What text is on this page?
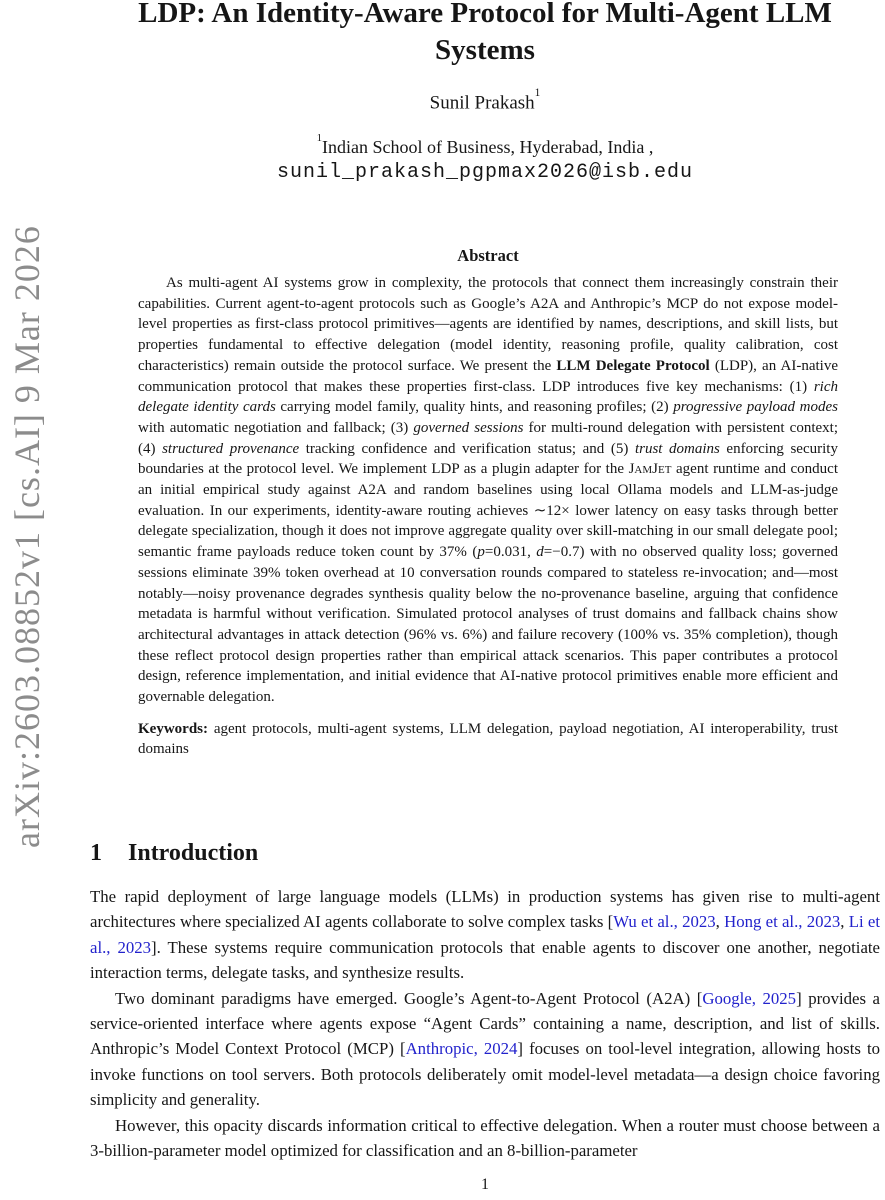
arXiv:2603.08852v1 [cs.AI] 9 Mar 2026
LDP: An Identity-Aware Protocol for Multi-Agent LLM Systems
Sunil Prakash$^1$
$^1$Indian School of Business, Hyderabad, India ,
sunil_prakash_pgpmax2026@isb.edu
Abstract

As multi-agent AI systems grow in complexity, the protocols that connect them increasingly constrain their capabilities. Current agent-to-agent protocols such as Google’s A2A and Anthropic’s MCP do not expose model-level properties as first-class protocol primitives—agents are identified by names, descriptions, and skill lists, but properties fundamental to effective delegation (model identity, reasoning profile, quality calibration, cost characteristics) remain outside the protocol surface. We present the LLM Delegate Protocol (LDP), an AI-native communication protocol that makes these properties first-class. LDP introduces five key mechanisms: (1) rich delegate identity cards carrying model family, quality hints, and reasoning profiles; (2) progressive payload modes with automatic negotiation and fallback; (3) governed sessions for multi-round delegation with persistent context; (4) structured provenance tracking confidence and verification status; and (5) trust domains enforcing security boundaries at the protocol level. We implement LDP as a plugin adapter for the JamJet agent runtime and conduct an initial empirical study against A2A and random baselines using local Ollama models and LLM-as-judge evaluation. In our experiments, identity-aware routing achieves ∼12× lower latency on easy tasks through better delegate specialization, though it does not improve aggregate quality over skill-matching in our small delegate pool; semantic frame payloads reduce token count by 37% (p=0.031, d=−0.7) with no observed quality loss; governed sessions eliminate 39% token overhead at 10 conversation rounds compared to stateless re-invocation; and—most notably—noisy provenance degrades synthesis quality below the no-provenance baseline, arguing that confidence metadata is harmful without verification. Simulated protocol analyses of trust domains and fallback chains show architectural advantages in attack detection (96% vs. 6%) and failure recovery (100% vs. 35% completion), though these reflect protocol design properties rather than empirical attack scenarios. This paper contributes a protocol design, reference implementation, and initial evidence that AI-native protocol primitives enable more efficient and governable delegation.

Keywords: agent protocols, multi-agent systems, LLM delegation, payload negotiation, AI interoperability, trust domains

1 Introduction

The rapid deployment of large language models (LLMs) in production systems has given rise to multi-agent architectures where specialized AI agents collaborate to solve complex tasks [Wu et al., 2023, Hong et al., 2023, Li et al., 2023]. These systems require communication protocols that enable agents to discover one another, negotiate interaction terms, delegate tasks, and synthesize results.

Two dominant paradigms have emerged. Google’s Agent-to-Agent Protocol (A2A) [Google, 2025] provides a service-oriented interface where agents expose “Agent Cards” containing a name, description, and list of skills. Anthropic’s Model Context Protocol (MCP) [Anthropic, 2024] focuses on tool-level integration, allowing hosts to invoke functions on tool servers. Both protocols deliberately omit model-level metadata—a design choice favoring simplicity and generality.

However, this opacity discards information critical to effective delegation. When a router must choose between a 3-billion-parameter model optimized for classification and an 8-billion-parameter

1
